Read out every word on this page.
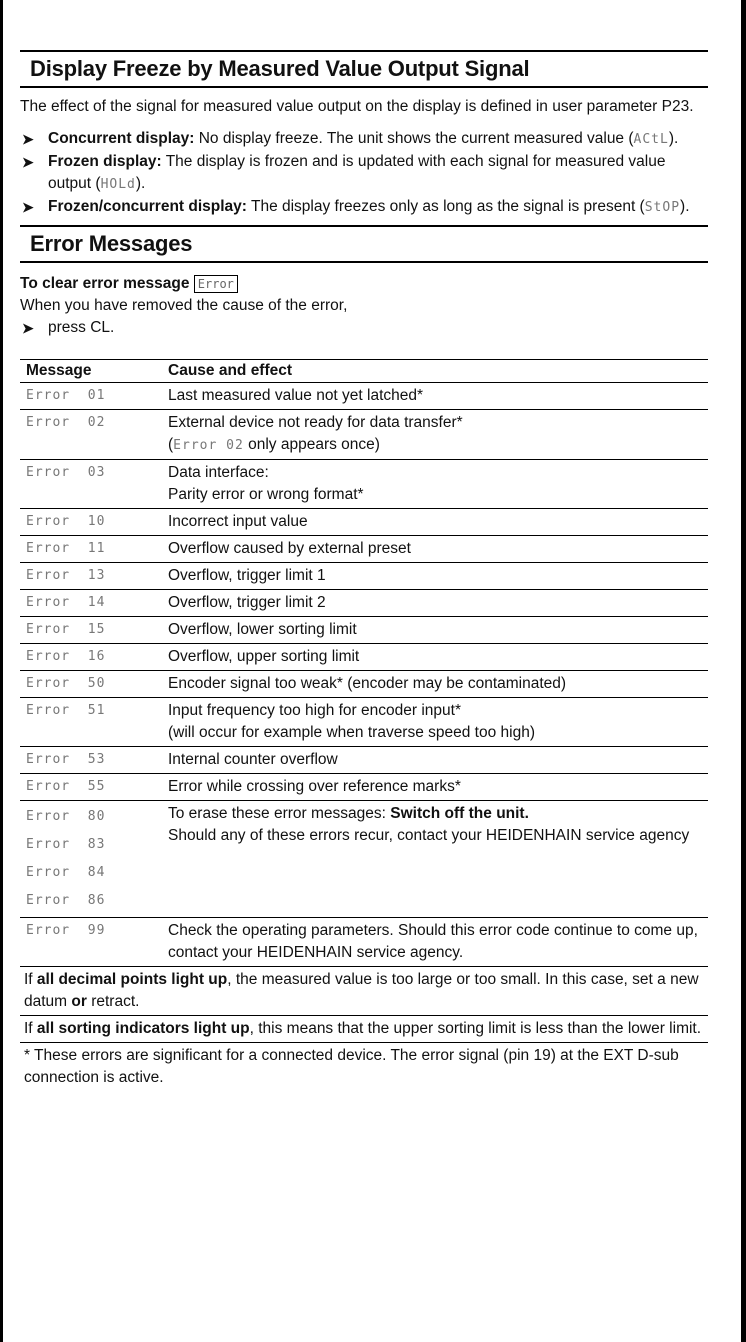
Display Freeze by Measured Value Output Signal
The effect of the signal for measured value output on the display is defined in user parameter P23.
➤ Concurrent display: No display freeze. The unit shows the current measured value (ACtL).
➤ Frozen display: The display is frozen and is updated with each signal for measured value output (HOLd).
➤ Frozen/concurrent display: The display freezes only as long as the signal is present (StOP).
Error Messages
To clear error message Error
When you have removed the cause of the error,
➤ press CL.
Message	Cause and effect
Error  01	Last measured value not yet latched*
Error  02	External device not ready for data transfer*
(Error 02 only appears once)

Error  03	Data interface:
Parity error or wrong format*

Error  10	Incorrect input value
Error  11	Overflow caused by external preset
Error  13	Overflow, trigger limit 1
Error  14	Overflow, trigger limit 2
Error  15	Overflow, lower sorting limit
Error  16	Overflow, upper sorting limit
Error  50	Encoder signal too weak* (encoder may be contaminated)
Error  51	Input frequency too high for encoder input*
(will occur for example when traverse speed too high)

Error  53	Internal counter overflow
Error  55	Error while crossing over reference marks*
Error  80
Error  83
Error  84
Error  86	To erase these error messages: Switch off the unit.
Should any of these errors recur, contact your HEIDENHAIN service agency

Error  99	Check the operating parameters. Should this error code continue to come up, contact your HEIDENHAIN service agency.
If all decimal points light up, the measured value is too large or too small. In this case, set a new datum or retract.
If all sorting indicators light up, this means that the upper sorting limit is less than the lower limit.
* These errors are significant for a connected device. The error signal (pin 19) at the EXT D-sub connection is active.
